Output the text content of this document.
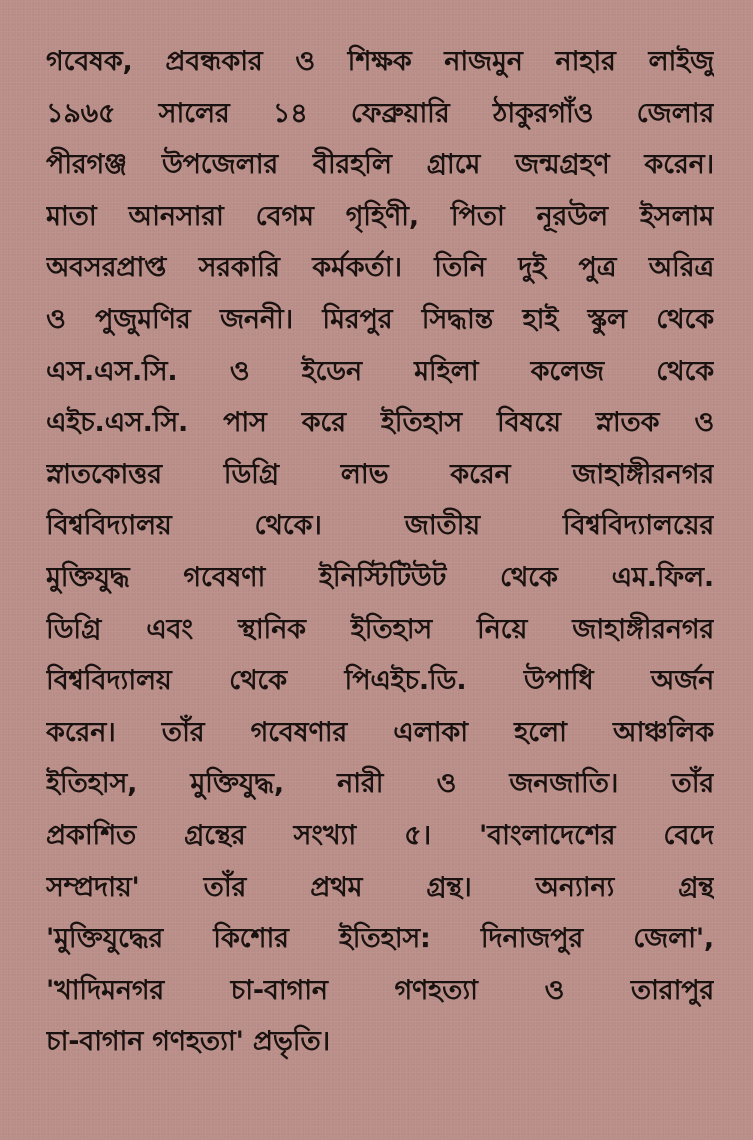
গবেষক, প্রবন্ধকার ও শিক্ষক নাজমুন নাহার লাইজু
১৯৬৫ সালের ১৪ ফেব্রুয়ারি ঠাকুরগাঁও জেলার
পীরগঞ্জ উপজেলার বীরহলি গ্রামে জন্মগ্রহণ করেন।
মাতা আনসারা বেগম গৃহিণী, পিতা নূরউল ইসলাম
অবসরপ্রাপ্ত সরকারি কর্মকর্তা। তিনি দুই পুত্র অরিত্র
ও পুজুমণির জননী। মিরপুর সিদ্ধান্ত হাই স্কুল থেকে
এস.এস.সি. ও ইডেন মহিলা কলেজ থেকে
এইচ.এস.সি. পাস করে ইতিহাস বিষয়ে স্নাতক ও
স্নাতকোত্তর ডিগ্রি লাভ করেন জাহাঙ্গীরনগর
বিশ্ববিদ্যালয় থেকে। জাতীয় বিশ্ববিদ্যালয়ের
মুক্তিযুদ্ধ গবেষণা ইনিস্টিটিউট থেকে এম.ফিল.
ডিগ্রি এবং স্থানিক ইতিহাস নিয়ে জাহাঙ্গীরনগর
বিশ্ববিদ্যালয় থেকে পিএইচ.ডি. উপাধি অর্জন
করেন। তাঁর গবেষণার এলাকা হলো আঞ্চলিক
ইতিহাস, মুক্তিযুদ্ধ, নারী ও জনজাতি। তাঁর
প্রকাশিত গ্রন্থের সংখ্যা ৫। 'বাংলাদেশের বেদে
সম্প্রদায়' তাঁর প্রথম গ্রন্থ। অন্যান্য গ্রন্থ
'মুক্তিযুদ্ধের কিশোর ইতিহাস: দিনাজপুর জেলা',
'খাদিমনগর চা-বাগান গণহত্যা ও তারাপুর
চা-বাগান গণহত্যা' প্রভৃতি।
